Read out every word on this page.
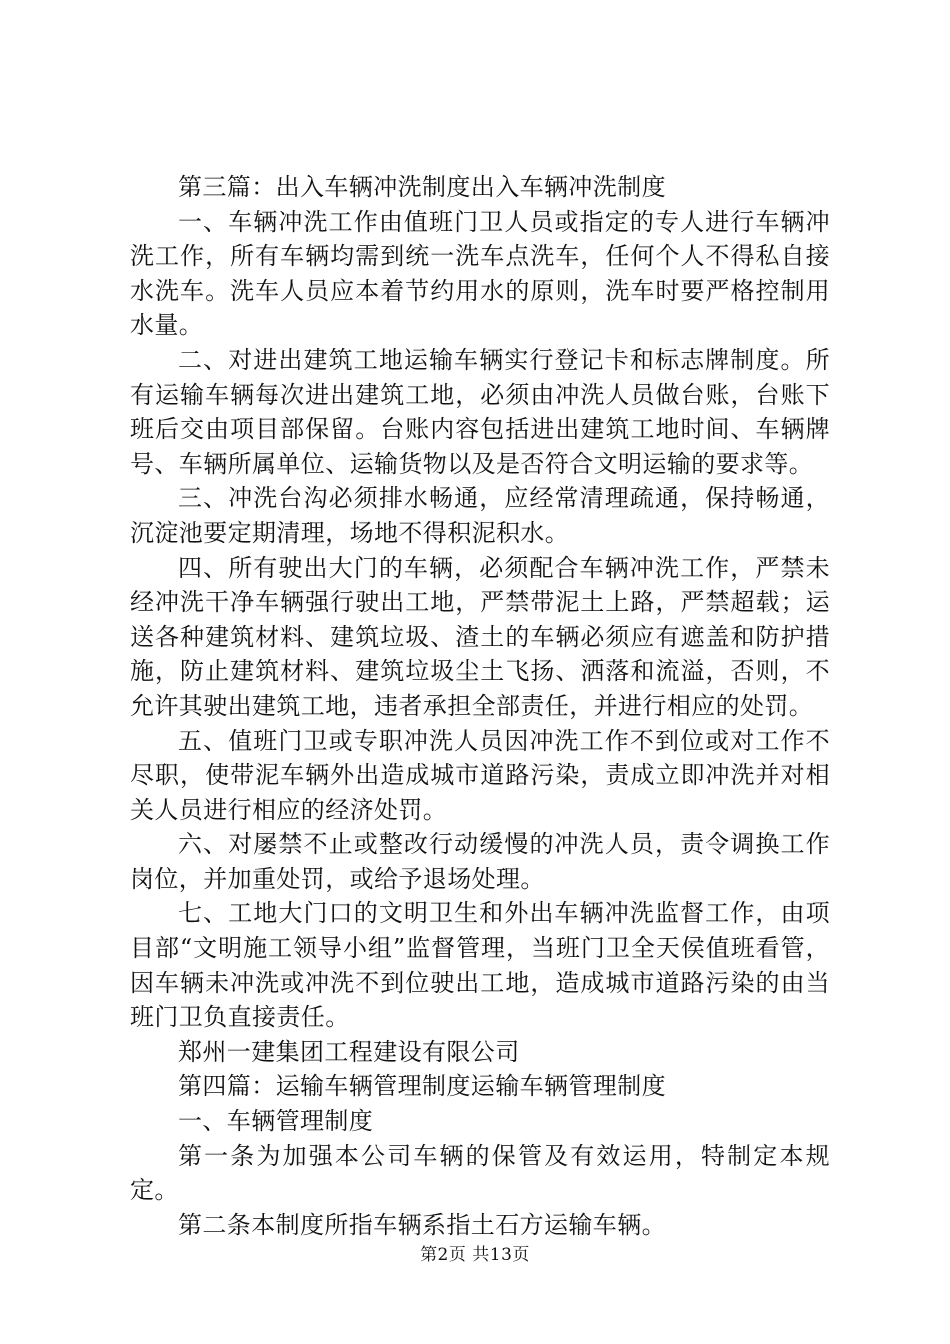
第三篇：出入车辆冲洗制度出入车辆冲洗制度

一、车辆冲洗工作由值班门卫人员或指定的专人进行车辆冲洗工作，所有车辆均需到统一洗车点洗车，任何个人不得私自接水洗车。洗车人员应本着节约用水的原则，洗车时要严格控制用水量。

二、对进出建筑工地运输车辆实行登记卡和标志牌制度。所有运输车辆每次进出建筑工地，必须由冲洗人员做台账，台账下班后交由项目部保留。台账内容包括进出建筑工地时间、车辆牌号、车辆所属单位、运输货物以及是否符合文明运输的要求等。

三、冲洗台沟必须排水畅通，应经常清理疏通，保持畅通，沉淀池要定期清理，场地不得积泥积水。

四、所有驶出大门的车辆，必须配合车辆冲洗工作，严禁未经冲洗干净车辆强行驶出工地，严禁带泥土上路，严禁超载；运送各种建筑材料、建筑垃圾、渣土的车辆必须应有遮盖和防护措施，防止建筑材料、建筑垃圾尘土飞扬、洒落和流溢，否则，不允许其驶出建筑工地，违者承担全部责任，并进行相应的处罚。

五、值班门卫或专职冲洗人员因冲洗工作不到位或对工作不尽职，使带泥车辆外出造成城市道路污染，责成立即冲洗并对相关人员进行相应的经济处罚。

六、对屡禁不止或整改行动缓慢的冲洗人员，责令调换工作岗位，并加重处罚，或给予退场处理。

七、工地大门口的文明卫生和外出车辆冲洗监督工作，由项目部“文明施工领导小组”监督管理，当班门卫全天侯值班看管，因车辆未冲洗或冲洗不到位驶出工地，造成城市道路污染的由当班门卫负直接责任。

郑州一建集团工程建设有限公司

第四篇：运输车辆管理制度运输车辆管理制度

一、车辆管理制度

第一条为加强本公司车辆的保管及有效运用，特制定本规定。

第二条本制度所指车辆系指土石方运输车辆。

第2页 共13页
